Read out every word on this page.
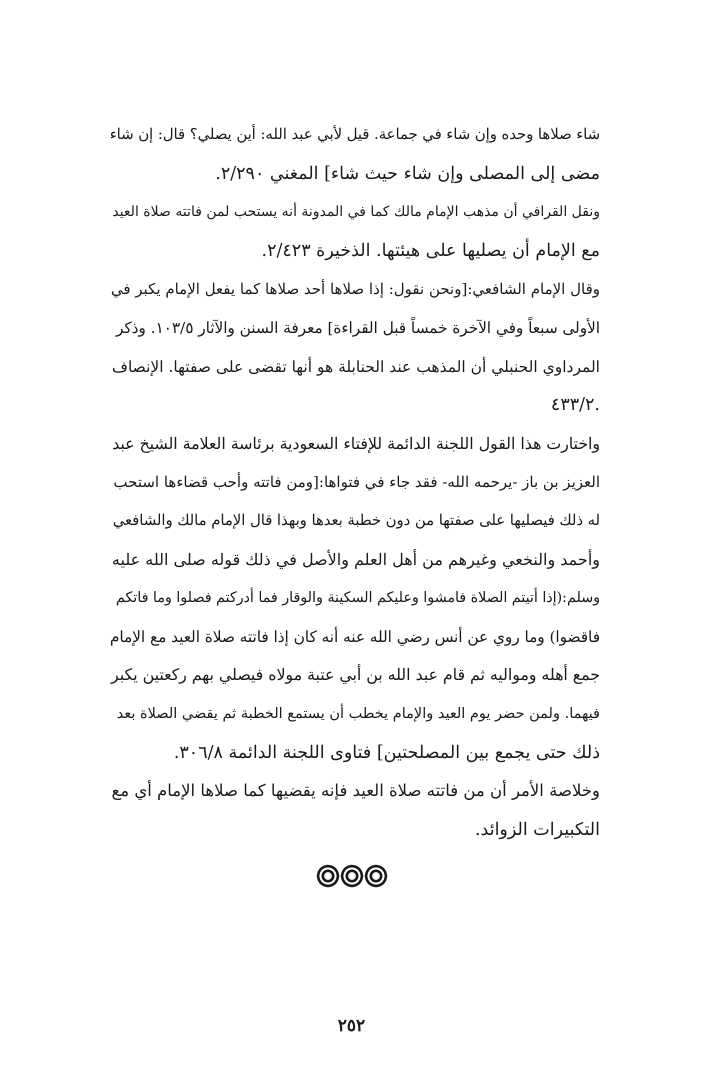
شاء صلاها وحده وإن شاء في جماعة. قيل لأبي عبد الله: أين يصلي؟ قال: إن شاء
مضى إلى المصلى وإن شاء حيث شاء] المغني ٢/٢٩٠.
ونقل القرافي أن مذهب الإمام مالك كما في المدونة أنه يستحب لمن فاتته صلاة العيد
مع الإمام أن يصليها على هيئتها. الذخيرة ٢/٤٢٣.
وقال الإمام الشافعي:[ونحن نقول: إذا صلاها أحد صلاها كما يفعل الإمام يكبر في
الأولى سبعاً وفي الآخرة خمساً قبل القراءة] معرفة السنن والآثار ١٠٣/٥. وذكر
المرداوي الحنبلي أن المذهب عند الحنابلة هو أنها تقضى على صفتها. الإنصاف
٤٣٣/٢.
واختارت هذا القول اللجنة الدائمة للإفتاء السعودية برئاسة العلامة الشيخ عبد
العزيز بن باز -يرحمه الله- فقد جاء في فتواها:[ومن فاتته وأحب قضاءها استحب
له ذلك فيصليها على صفتها من دون خطبة بعدها وبهذا قال الإمام مالك والشافعي
وأحمد والنخعي وغيرهم من أهل العلم والأصل في ذلك قوله صلى الله عليه
وسلم:(إذا أتيتم الصلاة فامشوا وعليكم السكينة والوقار فما أدركتم فصلوا وما فاتكم
فاقضوا) وما روي عن أنس رضي الله عنه أنه كان إذا فاتته صلاة العيد مع الإمام
جمع أهله ومواليه ثم قام عبد الله بن أبي عتبة مولاه فيصلي بهم ركعتين يكبر
فيهما. ولمن حضر يوم العيد والإمام يخطب أن يستمع الخطبة ثم يقضي الصلاة بعد
ذلك حتى يجمع بين المصلحتين] فتاوى اللجنة الدائمة ٣٠٦/٨.
وخلاصة الأمر أن من فاتته صلاة العيد فإنه يقضيها كما صلاها الإمام أي مع
التكبيرات الزوائد.
٢٥٢
